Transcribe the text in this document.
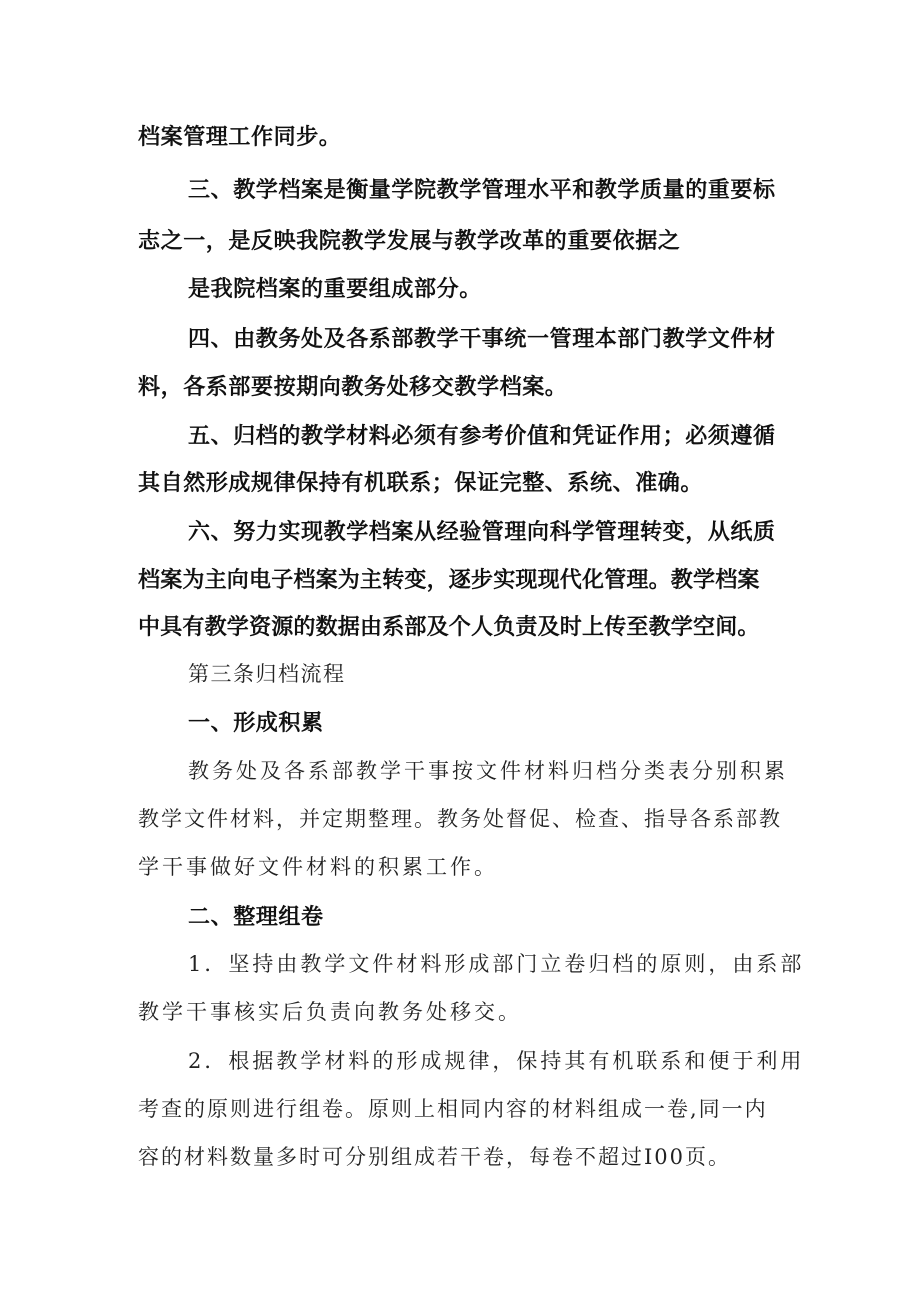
档案管理工作同步。
三、教学档案是衡量学院教学管理水平和教学质量的重要标
志之一，是反映我院教学发展与教学改革的重要依据之
是我院档案的重要组成部分。
四、由教务处及各系部教学干事统一管理本部门教学文件材
料，各系部要按期向教务处移交教学档案。
五、归档的教学材料必须有参考价值和凭证作用；必须遵循
其自然形成规律保持有机联系；保证完整、系统、准确。
六、努力实现教学档案从经验管理向科学管理转变，从纸质
档案为主向电子档案为主转变，逐步实现现代化管理。教学档案
中具有教学资源的数据由系部及个人负责及时上传至教学空间。
第三条归档流程
一、形成积累
教务处及各系部教学干事按文件材料归档分类表分别积累
教学文件材料，并定期整理。教务处督促、检查、指导各系部教
学干事做好文件材料的积累工作。
二、整理组卷
1．坚持由教学文件材料形成部门立卷归档的原则，由系部
教学干事核实后负责向教务处移交。
2．根据教学材料的形成规律，保持其有机联系和便于利用
考查的原则进行组卷。原则上相同内容的材料组成一卷,同一内
容的材料数量多时可分别组成若干卷，每卷不超过I00页。
